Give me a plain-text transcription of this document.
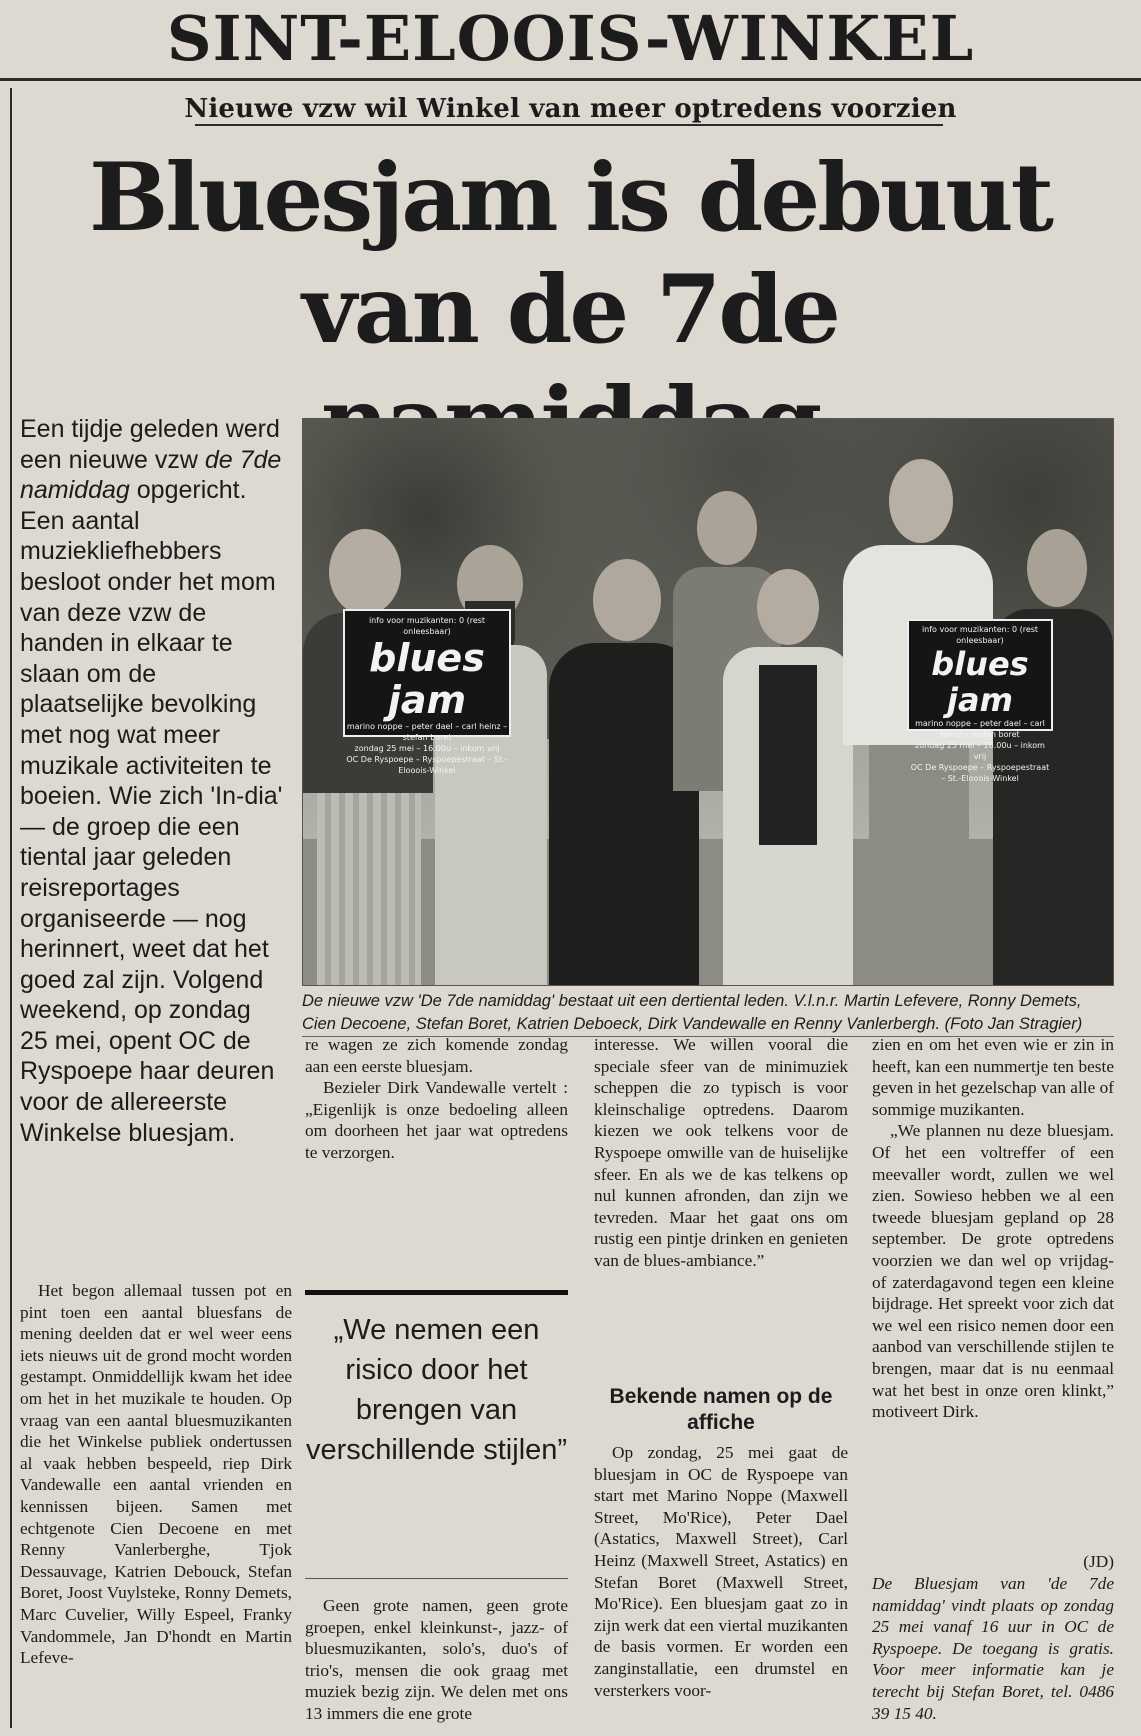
SINT-ELOOIS-WINKEL
Nieuwe vzw wil Winkel van meer optredens voorzien
Bluesjam is debuut
van de 7de

Een tijdje geleden werd een nieuwe vzw de 7de namiddag opgericht. Een aantal muziekliefhebbers besloot onder het mom van deze vzw de handen in elkaar te slaan om de plaatselijke bevolking met nog wat meer muzikale activiteiten te boeien. Wie zich 'In-dia' — de groep die een tiental jaar geleden reisreportages organiseerde — nog herinnert, weet dat het goed zal zijn. Volgend weekend, op zondag 25 mei, opent OC de Ryspoepe haar deuren voor de allereerste Winkelse bluesjam.

info voor muzikanten: 0 (rest onleesbaar)
blues jam
marino noppe – peter dael – carl heinz – stefan boret
zondag 25 mei – 16.00u – inkom vrij
OC De Ryspoepe – Ryspoepestraat – St.-Elooois-Winkel
info voor muzikanten: 0 (rest onleesbaar)
blues jam
marino noppe – peter dael – carl heinz – stefan boret
zondag 25 mei – 16.00u – inkom vrij
OC De Ryspoepe – Ryspoepestraat – St.-Elooois-Winkel

De nieuwe vzw 'De 7de namiddag' bestaat uit een dertiental leden. V.l.n.r. Martin Lefevere, Ronny Demets, Cien Decoene, Stefan Boret, Katrien Deboeck, Dirk Vandewalle en Renny Vanlerbergh. (Foto Jan Stragier)

Het begon allemaal tussen pot en pint toen een aantal bluesfans de mening deelden dat er wel weer eens iets nieuws uit de grond mocht worden gestampt. Onmiddellijk kwam het idee om het in het muzikale te houden. Op vraag van een aantal bluesmuzikanten die het Winkelse publiek ondertussen al vaak hebben bespeeld, riep Dirk Vandewalle een aantal vrienden en kennissen bijeen. Samen met echtgenote Cien Decoene en met Renny Vanlerberghe, Tjok Dessauvage, Katrien Debouck, Stefan Boret, Joost Vuylsteke, Ronny Demets, Marc Cuvelier, Willy Espeel, Franky Vandommele, Jan D'hondt en Martin Lefeve-

re wagen ze zich komende zondag aan een eerste bluesjam.

Bezieler Dirk Vandewalle vertelt : „Eigenlijk is onze bedoeling alleen om doorheen het jaar wat optredens te verzorgen.

„We nemen een risico door het brengen van verschillende stijlen”

Geen grote namen, geen grote groepen, enkel kleinkunst-, jazz- of bluesmuzikanten, solo's, duo's of trio's, mensen die ook graag met muziek bezig zijn. We delen met ons 13 immers die ene grote

interesse. We willen vooral die speciale sfeer van de minimuziek scheppen die zo typisch is voor kleinschalige optredens. Daarom kiezen we ook telkens voor de Ryspoepe omwille van de huiselijke sfeer. En als we de kas telkens op nul kunnen afronden, dan zijn we tevreden. Maar het gaat ons om rustig een pintje drinken en genieten van de blues-ambiance.”

Bekende namen op de affiche

Op zondag, 25 mei gaat de bluesjam in OC de Ryspoepe van start met Marino Noppe (Maxwell Street, Mo'Rice), Peter Dael (Astatics, Maxwell Street), Carl Heinz (Maxwell Street, Astatics) en Stefan Boret (Maxwell Street, Mo'Rice). Een bluesjam gaat zo in zijn werk dat een viertal muzikanten de basis vormen. Er worden een zanginstallatie, een drumstel en versterkers voor-

zien en om het even wie er zin in heeft, kan een nummertje ten beste geven in het gezelschap van alle of sommige muzikanten.

„We plannen nu deze bluesjam. Of het een voltreffer of een meevaller wordt, zullen we wel zien. Sowieso hebben we al een tweede bluesjam gepland op 28 september. De grote optredens voorzien we dan wel op vrijdag- of zaterdagavond tegen een kleine bijdrage. Het spreekt voor zich dat we wel een risico nemen door een aanbod van verschillende stijlen te brengen, maar dat is nu eenmaal wat het best in onze oren klinkt,” motiveert Dirk.

(JD)

De Bluesjam van 'de 7de namiddag' vindt plaats op zondag 25 mei vanaf 16 uur in OC de Ryspoepe. De toegang is gratis. Voor meer informatie kan je terecht bij Stefan Boret, tel. 0486 39 15 40.
